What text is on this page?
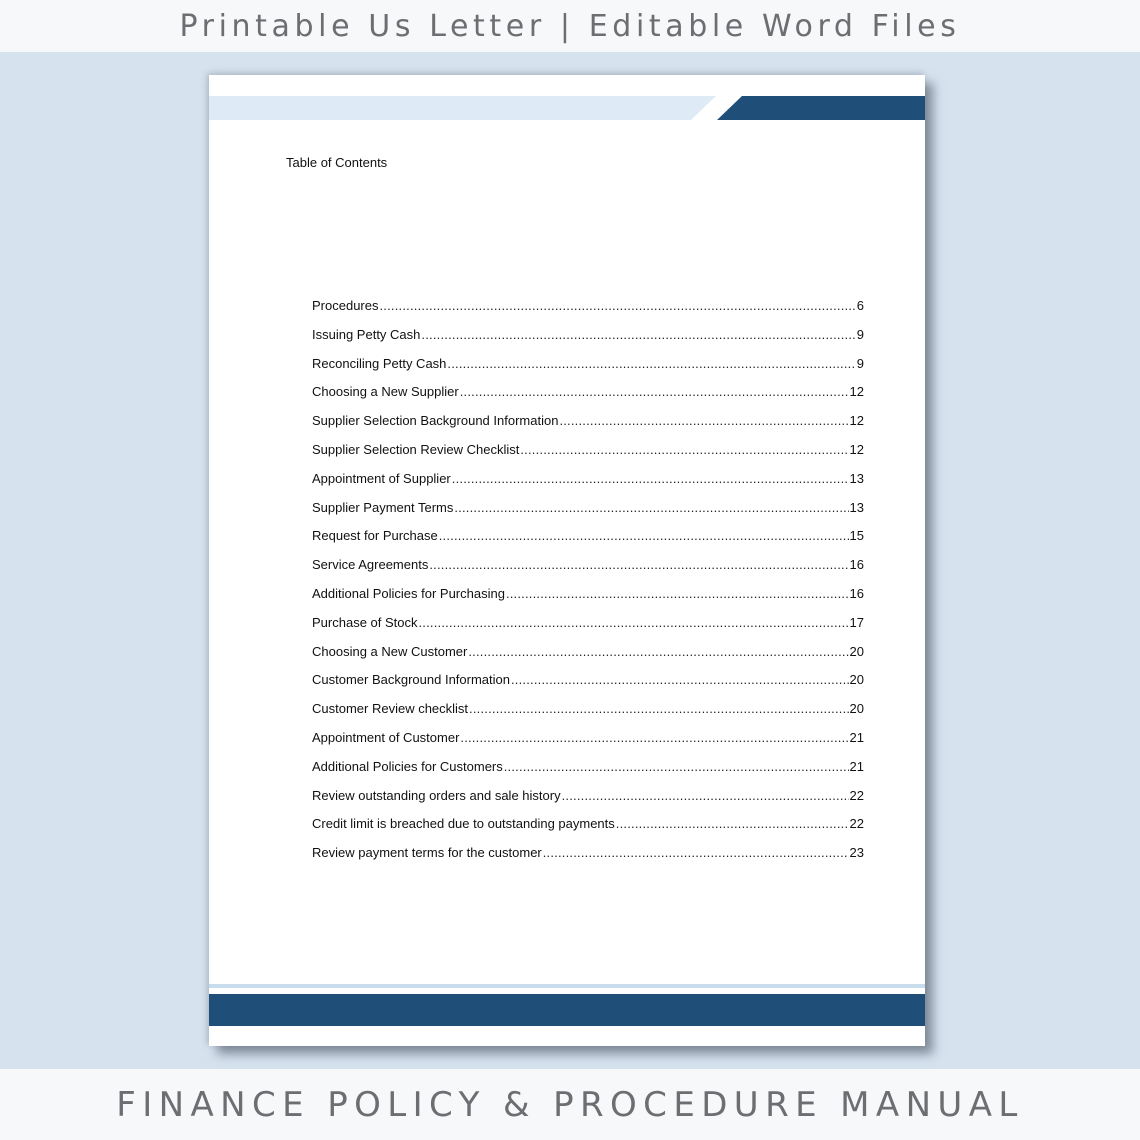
Printable Us Letter | Editable Word Files
Table of Contents
Procedures .....	6
Issuing Petty Cash .....	9
Reconciling Petty Cash .....	9
Choosing a New Supplier .....	12
Supplier Selection Background Information .....	12
Supplier Selection Review Checklist .....	12
Appointment of Supplier .....	13
Supplier Payment Terms .....	13
Request for Purchase .....	15
Service Agreements .....	16
Additional Policies for Purchasing .....	16
Purchase of Stock .....	17
Choosing a New Customer .....	20
Customer Background Information .....	20
Customer Review checklist .....	20
Appointment of Customer .....	21
Additional Policies for Customers .....	21
Review outstanding orders and sale history .....	22
Credit limit is breached due to outstanding payments .....	22
Review payment terms for the customer .....	23
FINANCE POLICY & PROCEDURE MANUAL
